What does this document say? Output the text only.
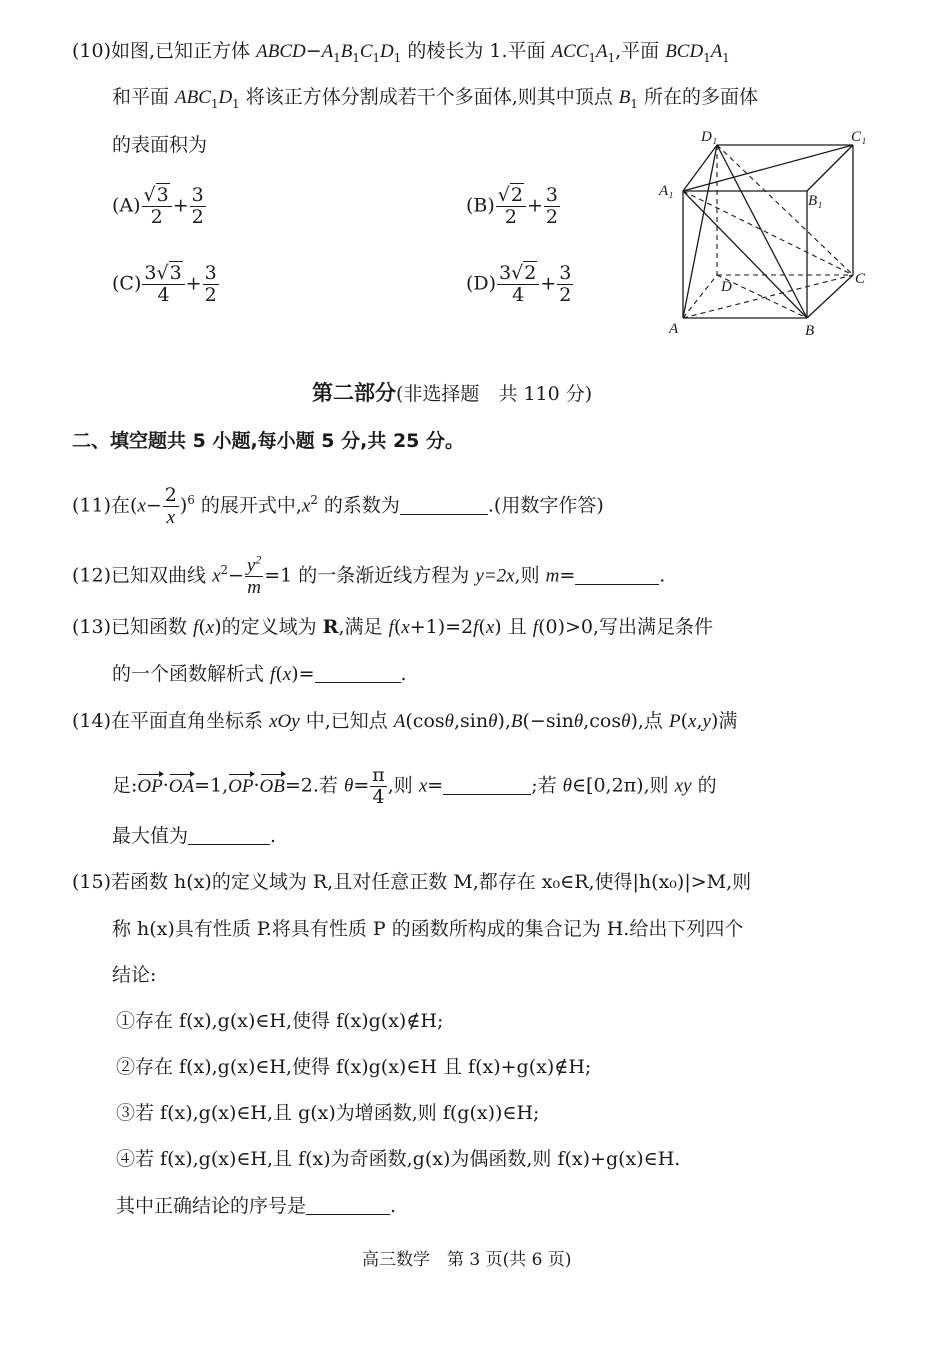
(10)如图,已知正方体 $ABCD-A_1B_1C_1D_1$ 的棱长为 1.平面 $ACC_1A_1$,平面 $BCD_1A_1$
和平面 $ABC_1D_1$ 将该正方体分割成若干个多面体,则其中顶点 $B_1$ 所在的多面体
的表面积为
$(A) \frac{√3}{2} + \frac{3}{2}$	$(B) \frac{√2}{2} + \frac{3}{2}$
$(C) \frac{3√3}{4} + \frac{3}{2}$	$(D) \frac{3√2}{4} + \frac{3}{2}$
D₁	C₁
A₁
B₁
D	C
A	B
第二部分(非选择题　共 110 分)
二、填空题共 5 小题,每小题 5 分,共 25 分。
(11)在$(x- \frac{2}{x} )^6$ 的展开式中$,x^2$ 的系数为	.(用数字作答)
(12)已知双曲线 $x^2- \frac{y^2}{m} =1$ 的一条渐近线方程为 y=2x,则 m=	.
(13)已知函数 f(x)的定义域为 R,满足 f(x+1)=2f(x) 且 f(0)>0,写出满足条件
的一个函数解析式 f(x)=	.
(14)在平面直角坐标系 xOy 中,已知点 A(cosθ,sinθ),B(−sinθ,cosθ),点 P(x,y)满
足:OP·OA=1,OP·OB=2.若 $\theta= \frac{\pi}{4}$ ,则 x=	;若 θ∈[0,2π),则 xy 的
最大值为	.
(15)若函数 h(x)的定义域为 R,且对任意正数 M,都存在 x₀∈R,使得|h(x₀)|>M,则
称 h(x)具有性质 P.将具有性质 P 的函数所构成的集合记为 H.给出下列四个
结论:
①存在 f(x),g(x)∈H,使得 f(x)g(x)∉H;
②存在 f(x),g(x)∈H,使得 f(x)g(x)∈H 且 f(x)+g(x)∉H;
③若 f(x),g(x)∈H,且 g(x)为增函数,则 f(g(x))∈H;
④若 f(x),g(x)∈H,且 f(x)为奇函数,g(x)为偶函数,则 f(x)+g(x)∈H.
其中正确结论的序号是	.
高三数学　第 3 页(共 6 页)
